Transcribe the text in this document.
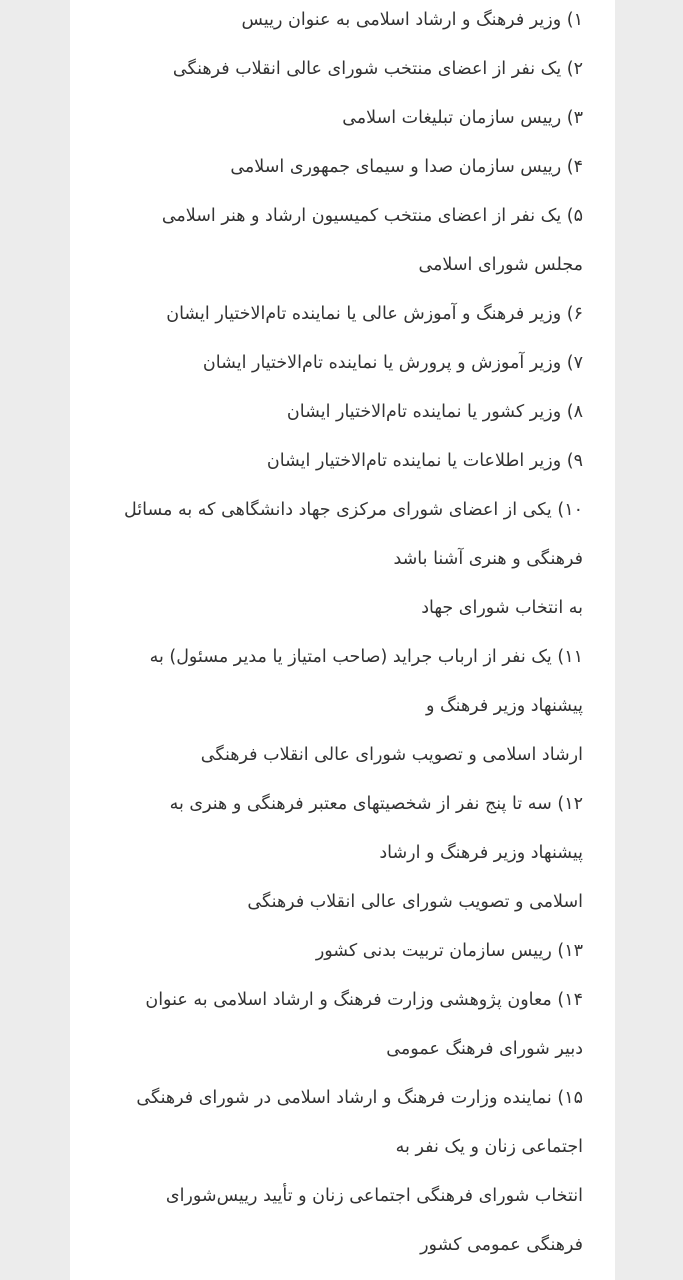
۱) وزیر فرهنگ و ارشاد اسلامی به عنوان رییس
۲) یک نفر از اعضای منتخب شورای عالی انقلاب فرهنگی
۳) رییس سازمان تبلیغات اسلامی
۴) رییس سازمان صدا و سیمای جمهوری اسلامی
۵) یک نفر از اعضای منتخب کمیسیون ارشاد و هنر اسلامی
مجلس شورای اسلامی
۶) وزیر فرهنگ و آموزش عالی یا نماینده تام‌الاختیار ایشان
۷) وزیر آموزش و پرورش یا نماینده تام‌الاختیار ایشان
۸) وزیر کشور یا نماینده تام‌الاختیار ایشان
۹) وزیر اطلاعات یا نماینده تام‌الاختیار ایشان
۱۰) یکی از اعضای شورای مرکزی جهاد دانشگاهی که به مسائل
فرهنگی و هنری آشنا باشد
به انتخاب شورای جهاد
۱۱) یک نفر از ارباب جراید (صاحب امتیاز یا مدیر مسئول) به
پیشنهاد وزیر فرهنگ و
ارشاد اسلامی و تصویب شورای عالی انقلاب فرهنگی
۱۲) سه تا پنج نفر از شخصیتهای معتبر فرهنگی و هنری به
پیشنهاد وزیر فرهنگ و ارشاد
اسلامی و تصویب شورای عالی انقلاب فرهنگی
۱۳) رییس سازمان تربیت بدنی کشور
۱۴) معاون پژوهشی وزارت فرهنگ و ارشاد اسلامی به عنوان
دبیر شورای فرهنگ عمومی
۱۵) نماینده وزارت فرهنگ و ارشاد اسلامی در شورای فرهنگی
اجتماعی زنان و یک نفر به
انتخاب شورای فرهنگی اجتماعی زنان و تأیید رییس‌شورای
فرهنگی عمومی کشور
